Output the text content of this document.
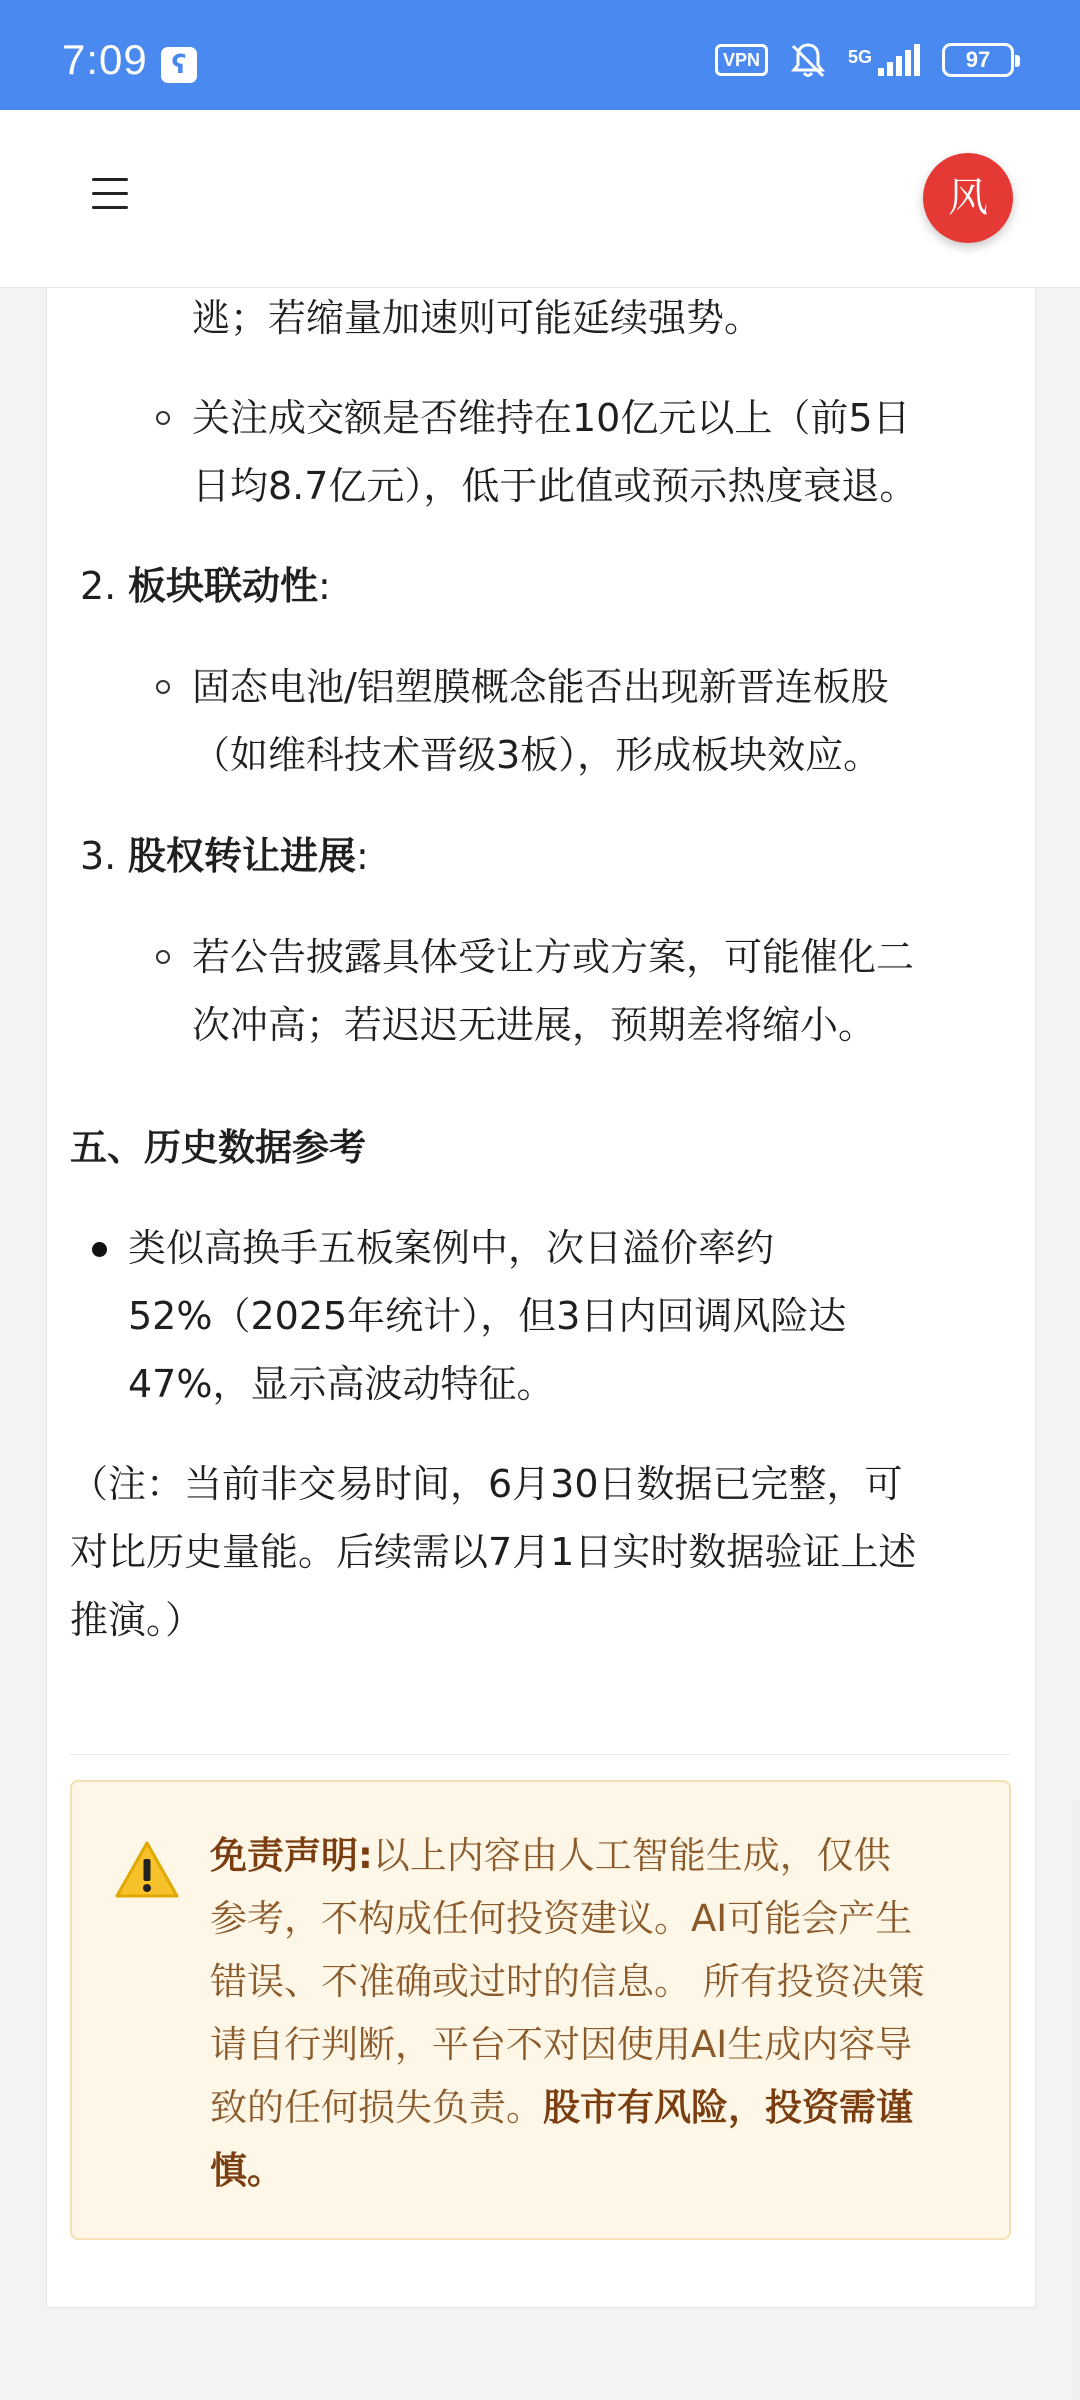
7:09 ʕ	VPN	5G	97
风
逃；若缩量加速则可能延续强势。
关注成交额是否维持在10亿元以上（前5日
日均8.7亿元），低于此值或预示热度衰退。
2. 板块联动性:
固态电池/铝塑膜概念能否出现新晋连板股
（如维科技术晋级3板），形成板块效应。
3. 股权转让进展:
若公告披露具体受让方或方案，可能催化二
次冲高；若迟迟无进展，预期差将缩小。
五、历史数据参考
类似高换手五板案例中，次日溢价率约
52%（2025年统计），但3日内回调风险达
47%，显示高波动特征。
（注：当前非交易时间，6月30日数据已完整，可
对比历史量能。后续需以7月1日实时数据验证上述
推演。）
免责声明:以上内容由人工智能生成，仅供
参考，不构成任何投资建议。AI可能会产生
错误、不准确或过时的信息。 所有投资决策
请自行判断，平台不对因使用AI生成内容导
致的任何损失负责。股市有风险，投资需谨
慎。
